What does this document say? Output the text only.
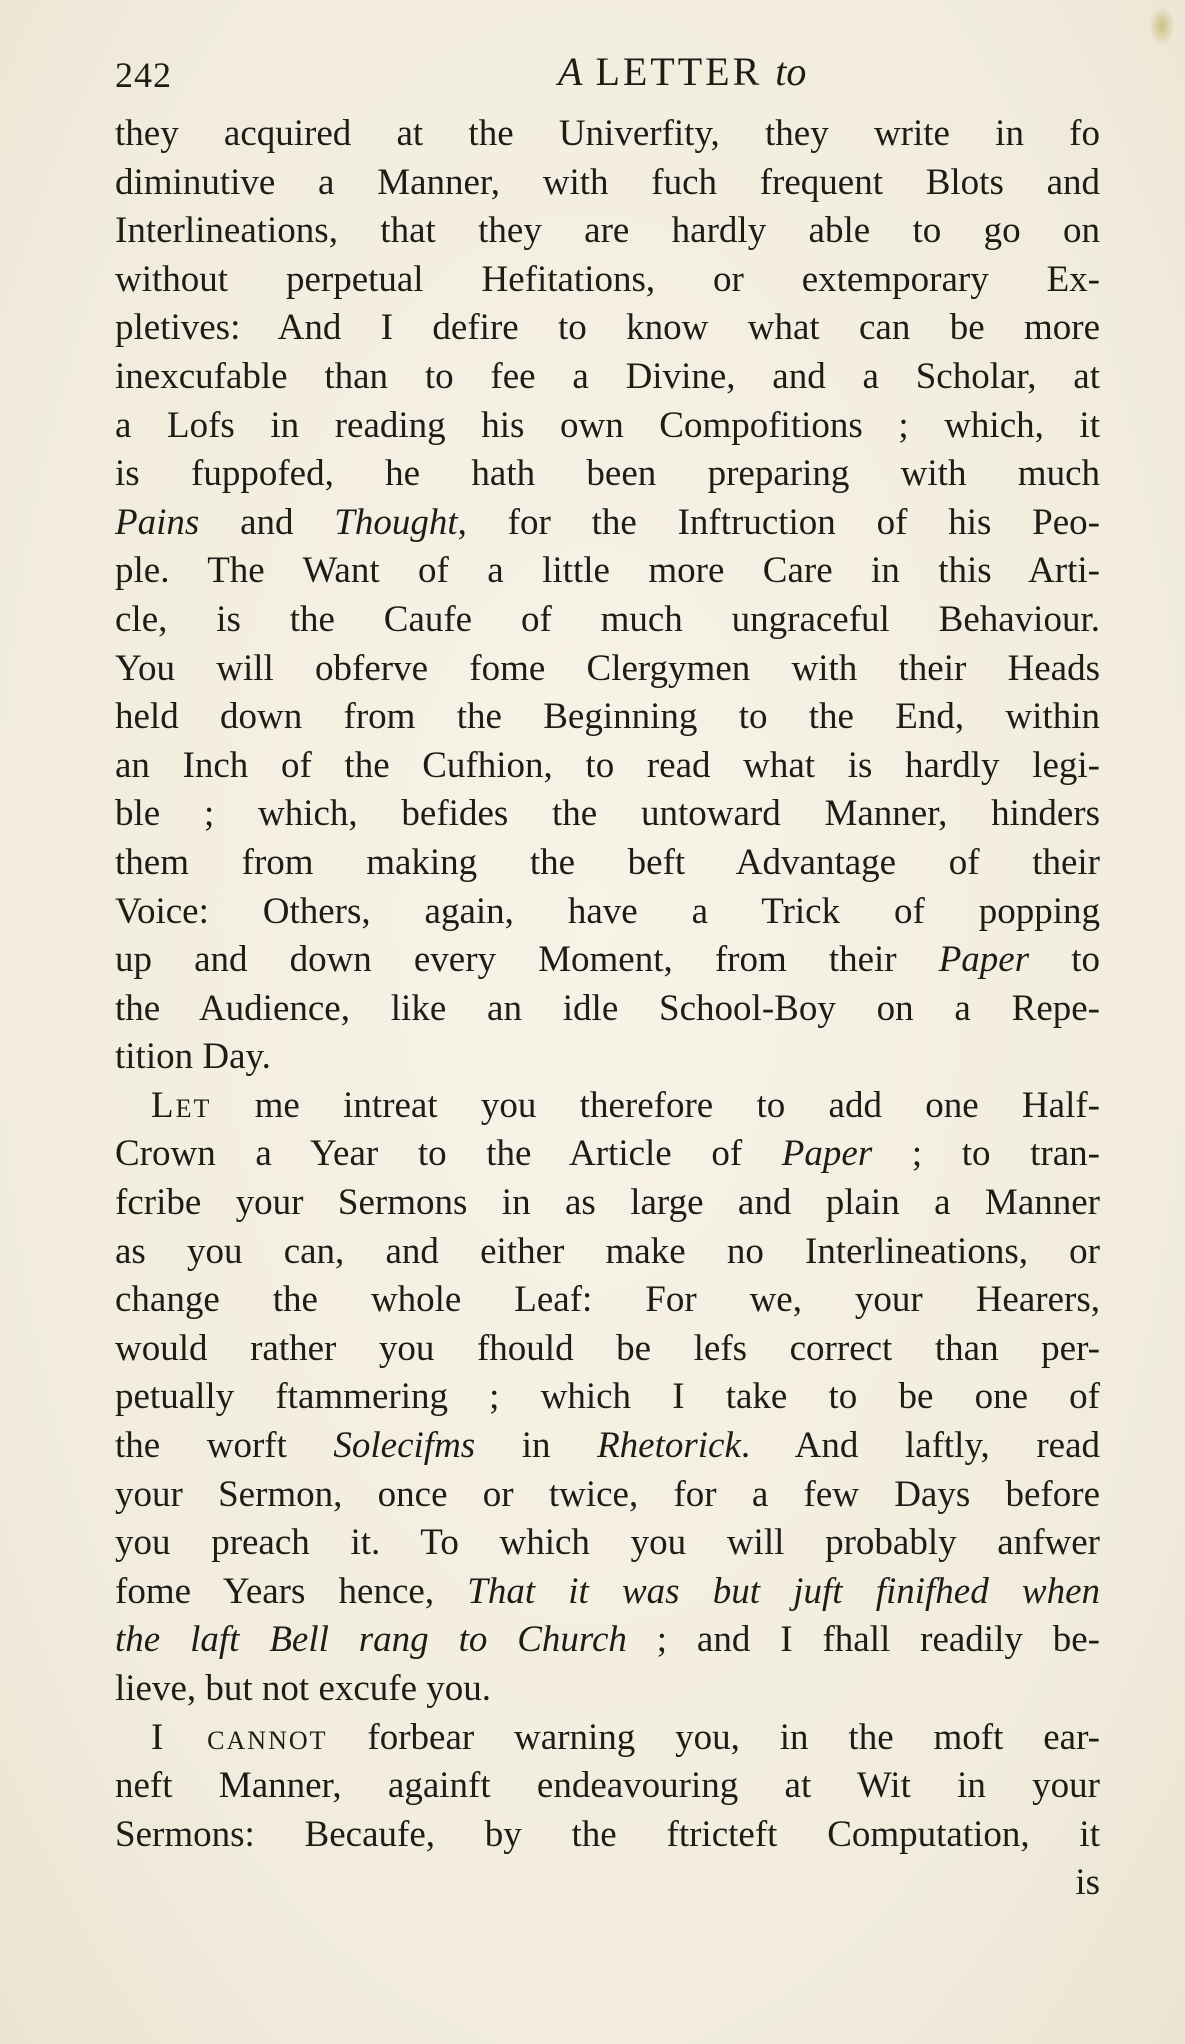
242	A LETTER to
they acquired at the Univerfity, they write in fo
diminutive a Manner, with fuch frequent Blots and
Interlineations, that they are hardly able to go on
without perpetual Hefitations, or extemporary Ex-
pletives: And I defire to know what can be more
inexcufable than to fee a Divine, and a Scholar, at
a Lofs in reading his own Compofitions ; which, it
is fuppofed, he hath been preparing with much
Pains and Thought, for the Inftruction of his Peo-
ple. The Want of a little more Care in this Arti-
cle, is the Caufe of much ungraceful Behaviour.
You will obferve fome Clergymen with their Heads
held down from the Beginning to the End, within
an Inch of the Cufhion, to read what is hardly legi-
ble ; which, befides the untoward Manner, hinders
them from making the beft Advantage of their
Voice: Others, again, have a Trick of popping
up and down every Moment, from their Paper to
the Audience, like an idle School-Boy on a Repe-
tition Day.
Let me intreat you therefore to add one Half-
Crown a Year to the Article of Paper ; to tran-
fcribe your Sermons in as large and plain a Manner
as you can, and either make no Interlineations, or
change the whole Leaf: For we, your Hearers,
would rather you fhould be lefs correct than per-
petually ftammering ; which I take to be one of
the worft Solecifms in Rhetorick. And laftly, read
your Sermon, once or twice, for a few Days before
you preach it. To which you will probably anfwer
fome Years hence, That it was but juft finifhed when
the laft Bell rang to Church ; and I fhall readily be-
lieve, but not excufe you.
I cannot forbear warning you, in the moft ear-
neft Manner, againft endeavouring at Wit in your
Sermons: Becaufe, by the ftricteft Computation, it
is
